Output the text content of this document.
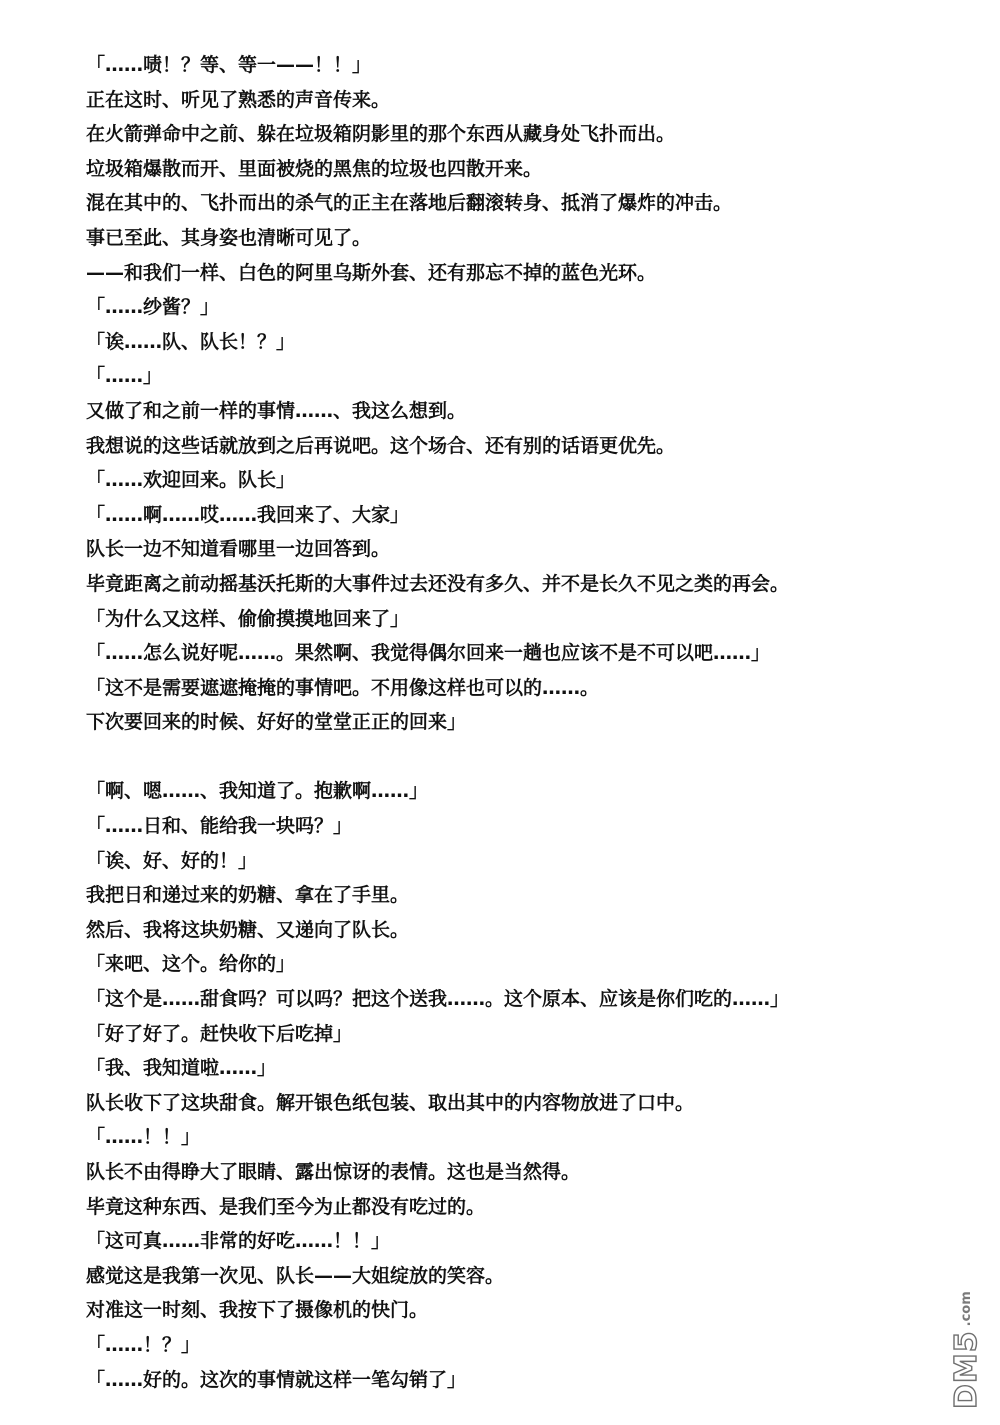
「……啧！？等、等一——！！」
正在这时、听见了熟悉的声音传来。
在火箭弹命中之前、躲在垃圾箱阴影里的那个东西从藏身处飞扑而出。
垃圾箱爆散而开、里面被烧的黑焦的垃圾也四散开来。
混在其中的、飞扑而出的杀气的正主在落地后翻滚转身、抵消了爆炸的冲击。
事已至此、其身姿也清晰可见了。
——和我们一样、白色的阿里乌斯外套、还有那忘不掉的蓝色光环。
「……纱酱？」
「诶……队、队长！？」
「……」
又做了和之前一样的事情……、我这么想到。
我想说的这些话就放到之后再说吧。这个场合、还有别的话语更优先。
「……欢迎回来。队长」
「……啊……哎……我回来了、大家」
队长一边不知道看哪里一边回答到。
毕竟距离之前动摇基沃托斯的大事件过去还没有多久、并不是长久不见之类的再会。
「为什么又这样、偷偷摸摸地回来了」
「……怎么说好呢……。果然啊、我觉得偶尔回来一趟也应该不是不可以吧……」
「这不是需要遮遮掩掩的事情吧。不用像这样也可以的……。
下次要回来的时候、好好的堂堂正正的回来」
「啊、嗯……、我知道了。抱歉啊……」
「……日和、能给我一块吗？」
「诶、好、好的！」
我把日和递过来的奶糖、拿在了手里。
然后、我将这块奶糖、又递向了队长。
「来吧、这个。给你的」
「这个是……甜食吗？可以吗？把这个送我……。这个原本、应该是你们吃的……」
「好了好了。赶快收下后吃掉」
「我、我知道啦……」
队长收下了这块甜食。解开银色纸包装、取出其中的内容物放进了口中。
「……！！」
队长不由得睁大了眼睛、露出惊讶的表情。这也是当然得。
毕竟这种东西、是我们至今为止都没有吃过的。
「这可真……非常的好吃……！！」
感觉这是我第一次见、队长——大姐绽放的笑容。
对准这一时刻、我按下了摄像机的快门。
「……！？」
「……好的。这次的事情就这样一笔勾销了」	DM5
.com
